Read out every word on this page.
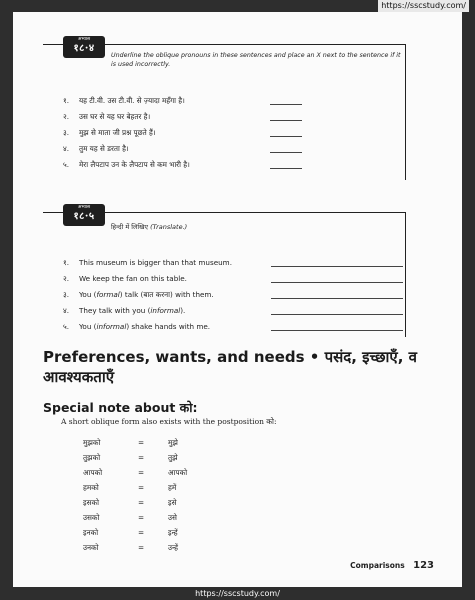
https://sscstudy.com/
अभ्यास
१८·४
Underline the oblique pronouns in these sentences and place an X next to the sentence if it is used incorrectly.
१. यह टी.वी. उस टी.वी. से ज़्यादा महँगा है।
२. उस घर से यह घर बेहतर है।
३. मुझ से माता जी प्रश्न पूछते हैं।
४. तुम यह से डरता है।
५. मेरा लैपटाप उन के लैपटाप से कम भारी है।
अभ्यास
१८·५
हिन्दी में लिखिए (Translate.)
१. This museum is bigger than that museum.
२. We keep the fan on this table.
३. You (formal) talk (बात करना) with them.
४. They talk with you (informal).
५. You (informal) shake hands with me.
Preferences, wants, and needs • पसंद, इच्छाएँ, व आवश्यकताएँ
Special note about को:
A short oblique form also exists with the postposition को:
मुझको	=	मुझे
तुझको	=	तुझे
आपको	=	आपको
हमको	=	हमें
इसको	=	इसे
उसको	=	उसे
इनको	=	इन्हें
उनको	=	उन्हें
Comparisons 123
https://sscstudy.com/
